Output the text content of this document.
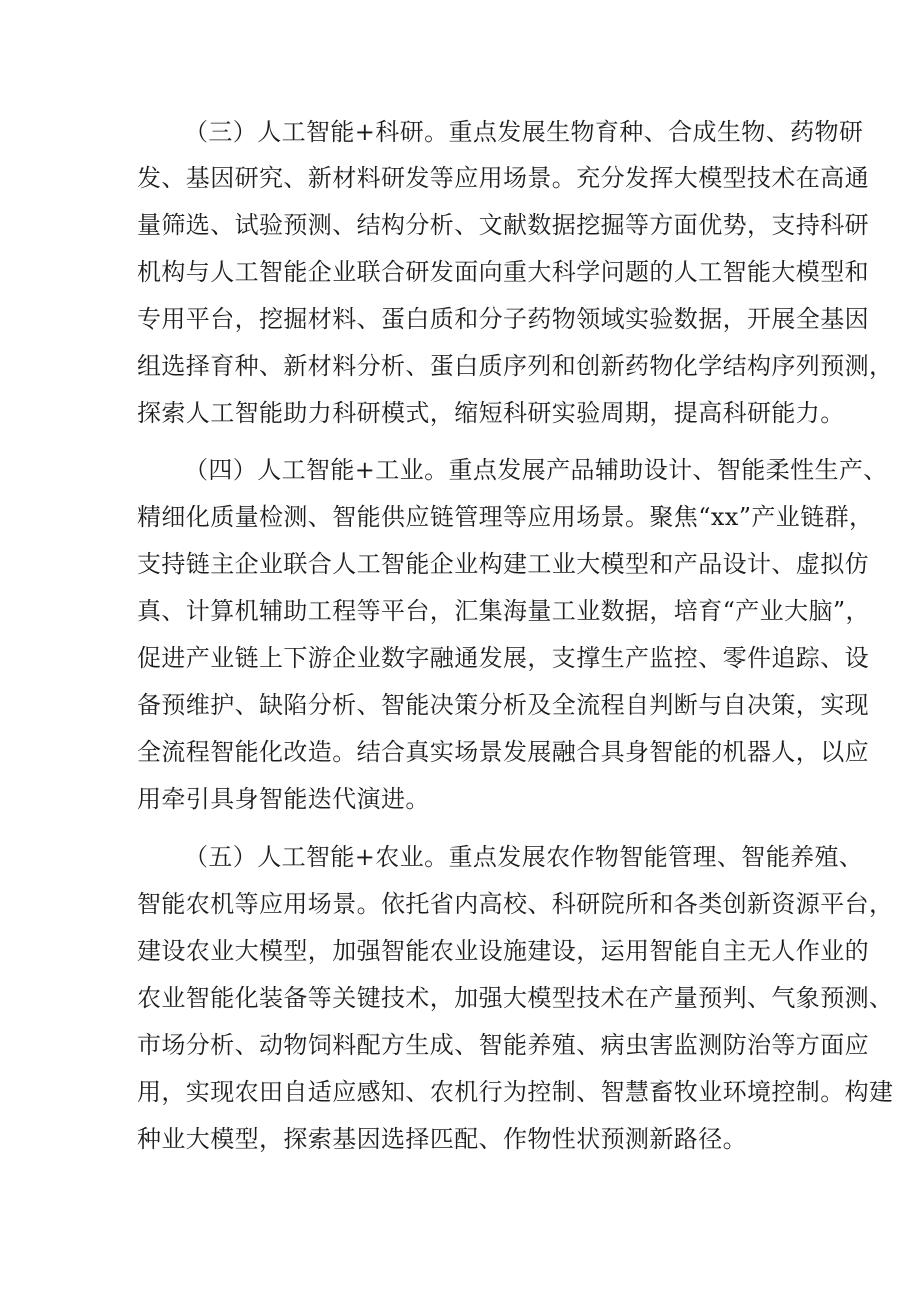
（三）人工智能+科研。重点发展生物育种、合成生物、药物研

发、基因研究、新材料研发等应用场景。充分发挥大模型技术在高通

量筛选、试验预测、结构分析、文献数据挖掘等方面优势，支持科研

机构与人工智能企业联合研发面向重大科学问题的人工智能大模型和

专用平台，挖掘材料、蛋白质和分子药物领域实验数据，开展全基因

组选择育种、新材料分析、蛋白质序列和创新药物化学结构序列预测，

探索人工智能助力科研模式，缩短科研实验周期，提高科研能力。

（四）人工智能+工业。重点发展产品辅助设计、智能柔性生产、

精细化质量检测、智能供应链管理等应用场景。聚焦“xx”产业链群，

支持链主企业联合人工智能企业构建工业大模型和产品设计、虚拟仿

真、计算机辅助工程等平台，汇集海量工业数据，培育“产业大脑”，

促进产业链上下游企业数字融通发展，支撑生产监控、零件追踪、设

备预维护、缺陷分析、智能决策分析及全流程自判断与自决策，实现

全流程智能化改造。结合真实场景发展融合具身智能的机器人，以应

用牵引具身智能迭代演进。

（五）人工智能+农业。重点发展农作物智能管理、智能养殖、

智能农机等应用场景。依托省内高校、科研院所和各类创新资源平台，

建设农业大模型，加强智能农业设施建设，运用智能自主无人作业的

农业智能化装备等关键技术，加强大模型技术在产量预判、气象预测、

市场分析、动物饲料配方生成、智能养殖、病虫害监测防治等方面应

用，实现农田自适应感知、农机行为控制、智慧畜牧业环境控制。构建

种业大模型，探索基因选择匹配、作物性状预测新路径。
